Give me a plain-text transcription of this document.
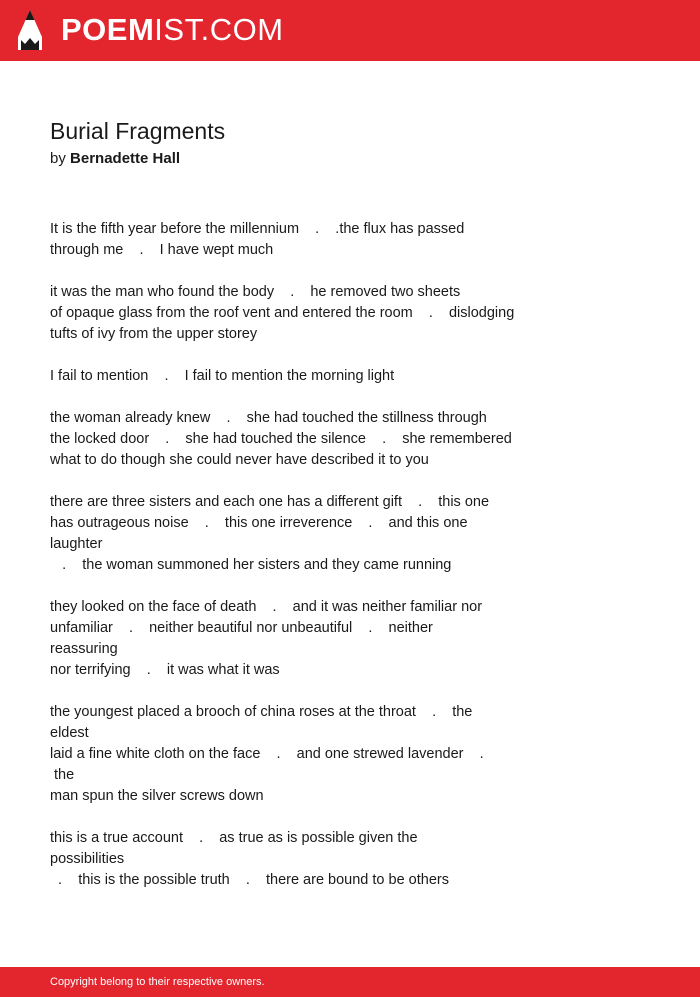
POEMIST.COM
Burial Fragments
by Bernadette Hall
It is the fifth year before the millennium    .    .the flux has passed
through me    .    I have wept much
it was the man who found the body    .    he removed two sheets
of opaque glass from the roof vent and entered the room    .    dislodging
tufts of ivy from the upper storey
I fail to mention    .    I fail to mention the morning light
the woman already knew    .    she had touched the stillness through
the locked door    .    she had touched the silence    .    she remembered
what to do though she could never have described it to you
there are three sisters and each one has a different gift    .    this one
has outrageous noise    .    this one irreverence    .    and this one
laughter
.    the woman summoned her sisters and they came running
they looked on the face of death    .    and it was neither familiar nor
unfamiliar    .    neither beautiful nor unbeautiful    .    neither
reassuring
nor terrifying    .    it was what it was
the youngest placed a brooch of china roses at the throat    .    the
eldest
laid a fine white cloth on the face    .    and one strewed lavender    .
the
man spun the silver screws down
this is a true account    .    as true as is possible given the
possibilities
.    this is the possible truth    .    there are bound to be others
Copyright belong to their respective owners.
